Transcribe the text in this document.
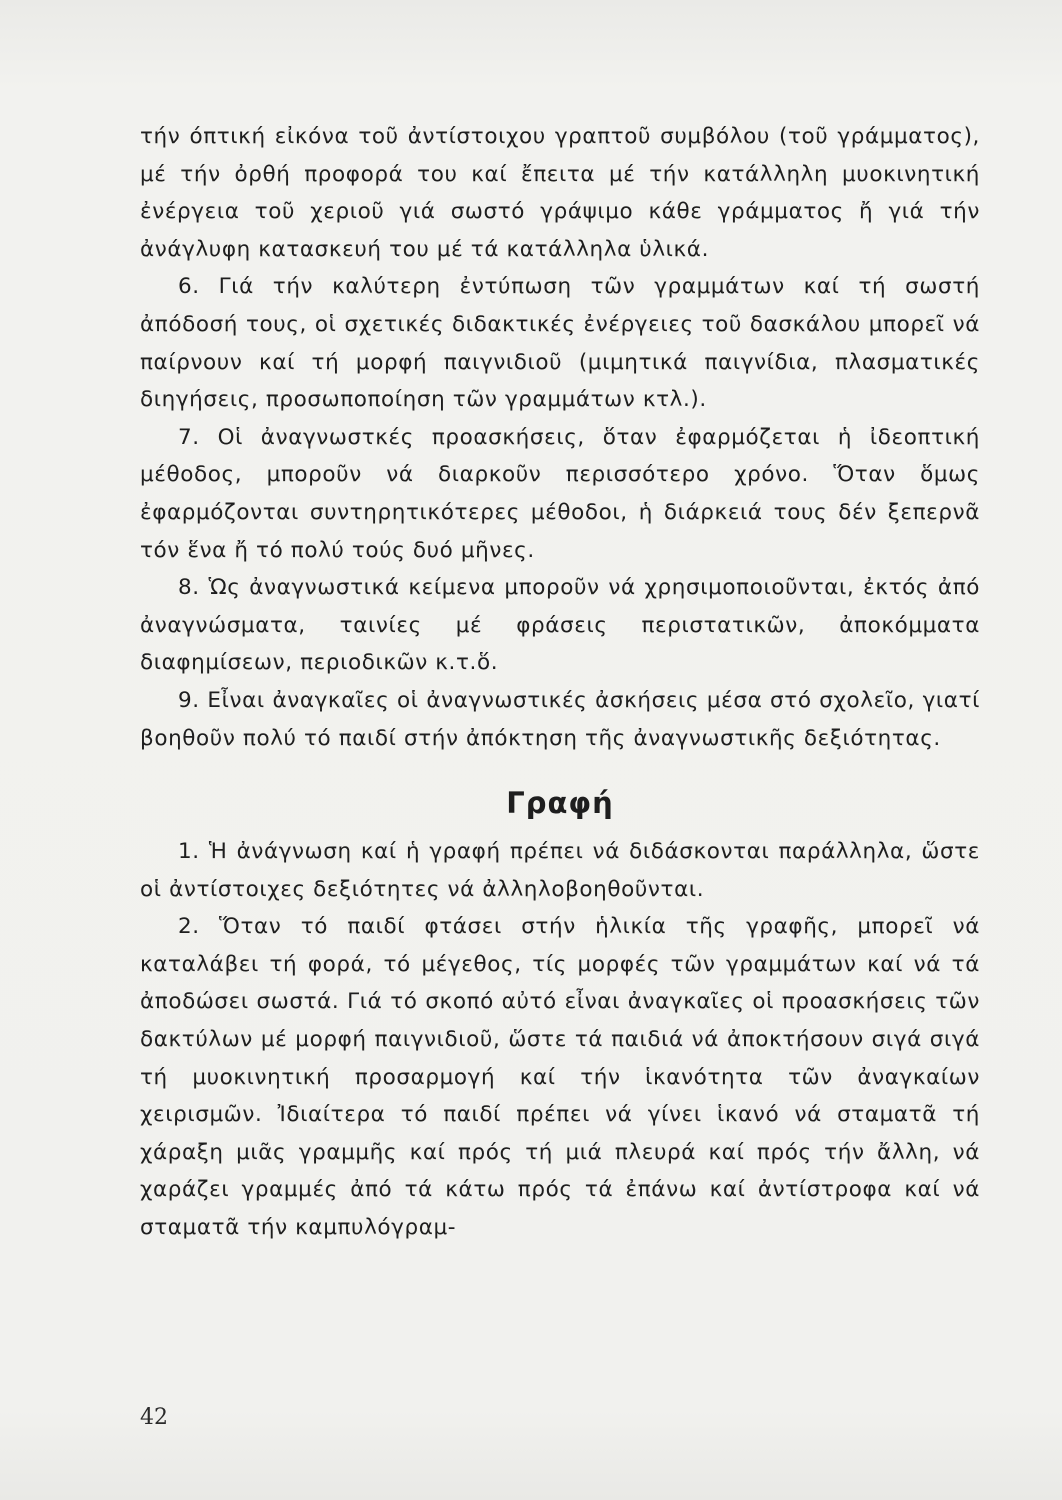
τήν όπτική εἰκόνα τοῦ ἀντίστοιχου γραπτοῦ συμβόλου (τοῦ γράμματος), μέ τήν ὀρθή προφορά του καί ἔπειτα μέ τήν κατάλληλη μυοκινητική ἐνέργεια τοῦ χεριοῦ γιά σωστό γράψιμο κάθε γράμματος ἤ γιά τήν ἀνάγλυφη κατασκευή του μέ τά κατάλληλα ὑλικά.

6. Γιά τήν καλύτερη ἐντύπωση τῶν γραμμάτων καί τή σωστή ἀπόδοσή τους, οἱ σχετικές διδακτικές ἐνέργειες τοῦ δασκάλου μπορεῖ νά παίρνουν καί τή μορφή παιγνιδιοῦ (μιμητικά παιγνίδια, πλασματικές διηγήσεις, προσωποποίηση τῶν γραμμάτων κτλ.).

7. Οἱ ἀναγνωστκές προασκήσεις, ὅταν ἐφαρμόζεται ἡ ἰδεοπτική μέθοδος, μποροῦν νά διαρκοῦν περισσότερο χρόνο. Ὅταν ὅμως ἐφαρμόζονται συντηρητικότερες μέθοδοι, ἡ διάρκειά τους δέν ξεπερνᾶ τόν ἕνα ἤ τό πολύ τούς δυό μῆνες.

8. Ὡς ἀναγνωστικά κείμενα μποροῦν νά χρησιμοποιοῦνται, ἐκτός ἀπό ἀναγνώσματα, ταινίες μέ φράσεις περιστατικῶν, ἀποκόμματα διαφημίσεων, περιοδικῶν κ.τ.ὅ.

9. Εἶναι ἀναγκαῖες οἱ ἀναγνωστικές ἀσκήσεις μέσα στό σχολεῖο, γιατί βοηθοῦν πολύ τό παιδί στήν ἀπόκτηση τῆς ἀναγνωστικῆς δεξιότητας.

Γραφή

1. Ἡ ἀνάγνωση καί ἡ γραφή πρέπει νά διδάσκονται παράλληλα, ὥστε οἱ ἀντίστοιχες δεξιότητες νά ἀλληλοβοηθοῦνται.

2. Ὅταν τό παιδί φτάσει στήν ἡλικία τῆς γραφῆς, μπορεῖ νά καταλάβει τή φορά, τό μέγεθος, τίς μορφές τῶν γραμμάτων καί νά τά ἀποδώσει σωστά. Γιά τό σκοπό αὐτό εἶναι ἀναγκαῖες οἱ προασκήσεις τῶν δακτύλων μέ μορφή παιγνιδιοῦ, ὥστε τά παιδιά νά ἀποκτήσουν σιγά σιγά τή μυοκινητική προσαρμογή καί τήν ἱκανότητα τῶν ἀναγκαίων χειρισμῶν. Ἰδιαίτερα τό παιδί πρέπει νά γίνει ἱκανό νά σταματᾶ τή χάραξη μιᾶς γραμμῆς καί πρός τή μιά πλευρά καί πρός τήν ἄλλη, νά χαράζει γραμμές ἀπό τά κάτω πρός τά ἐπάνω καί ἀντίστροφα καί νά σταματᾶ τήν καμπυλόγραμ-

42
